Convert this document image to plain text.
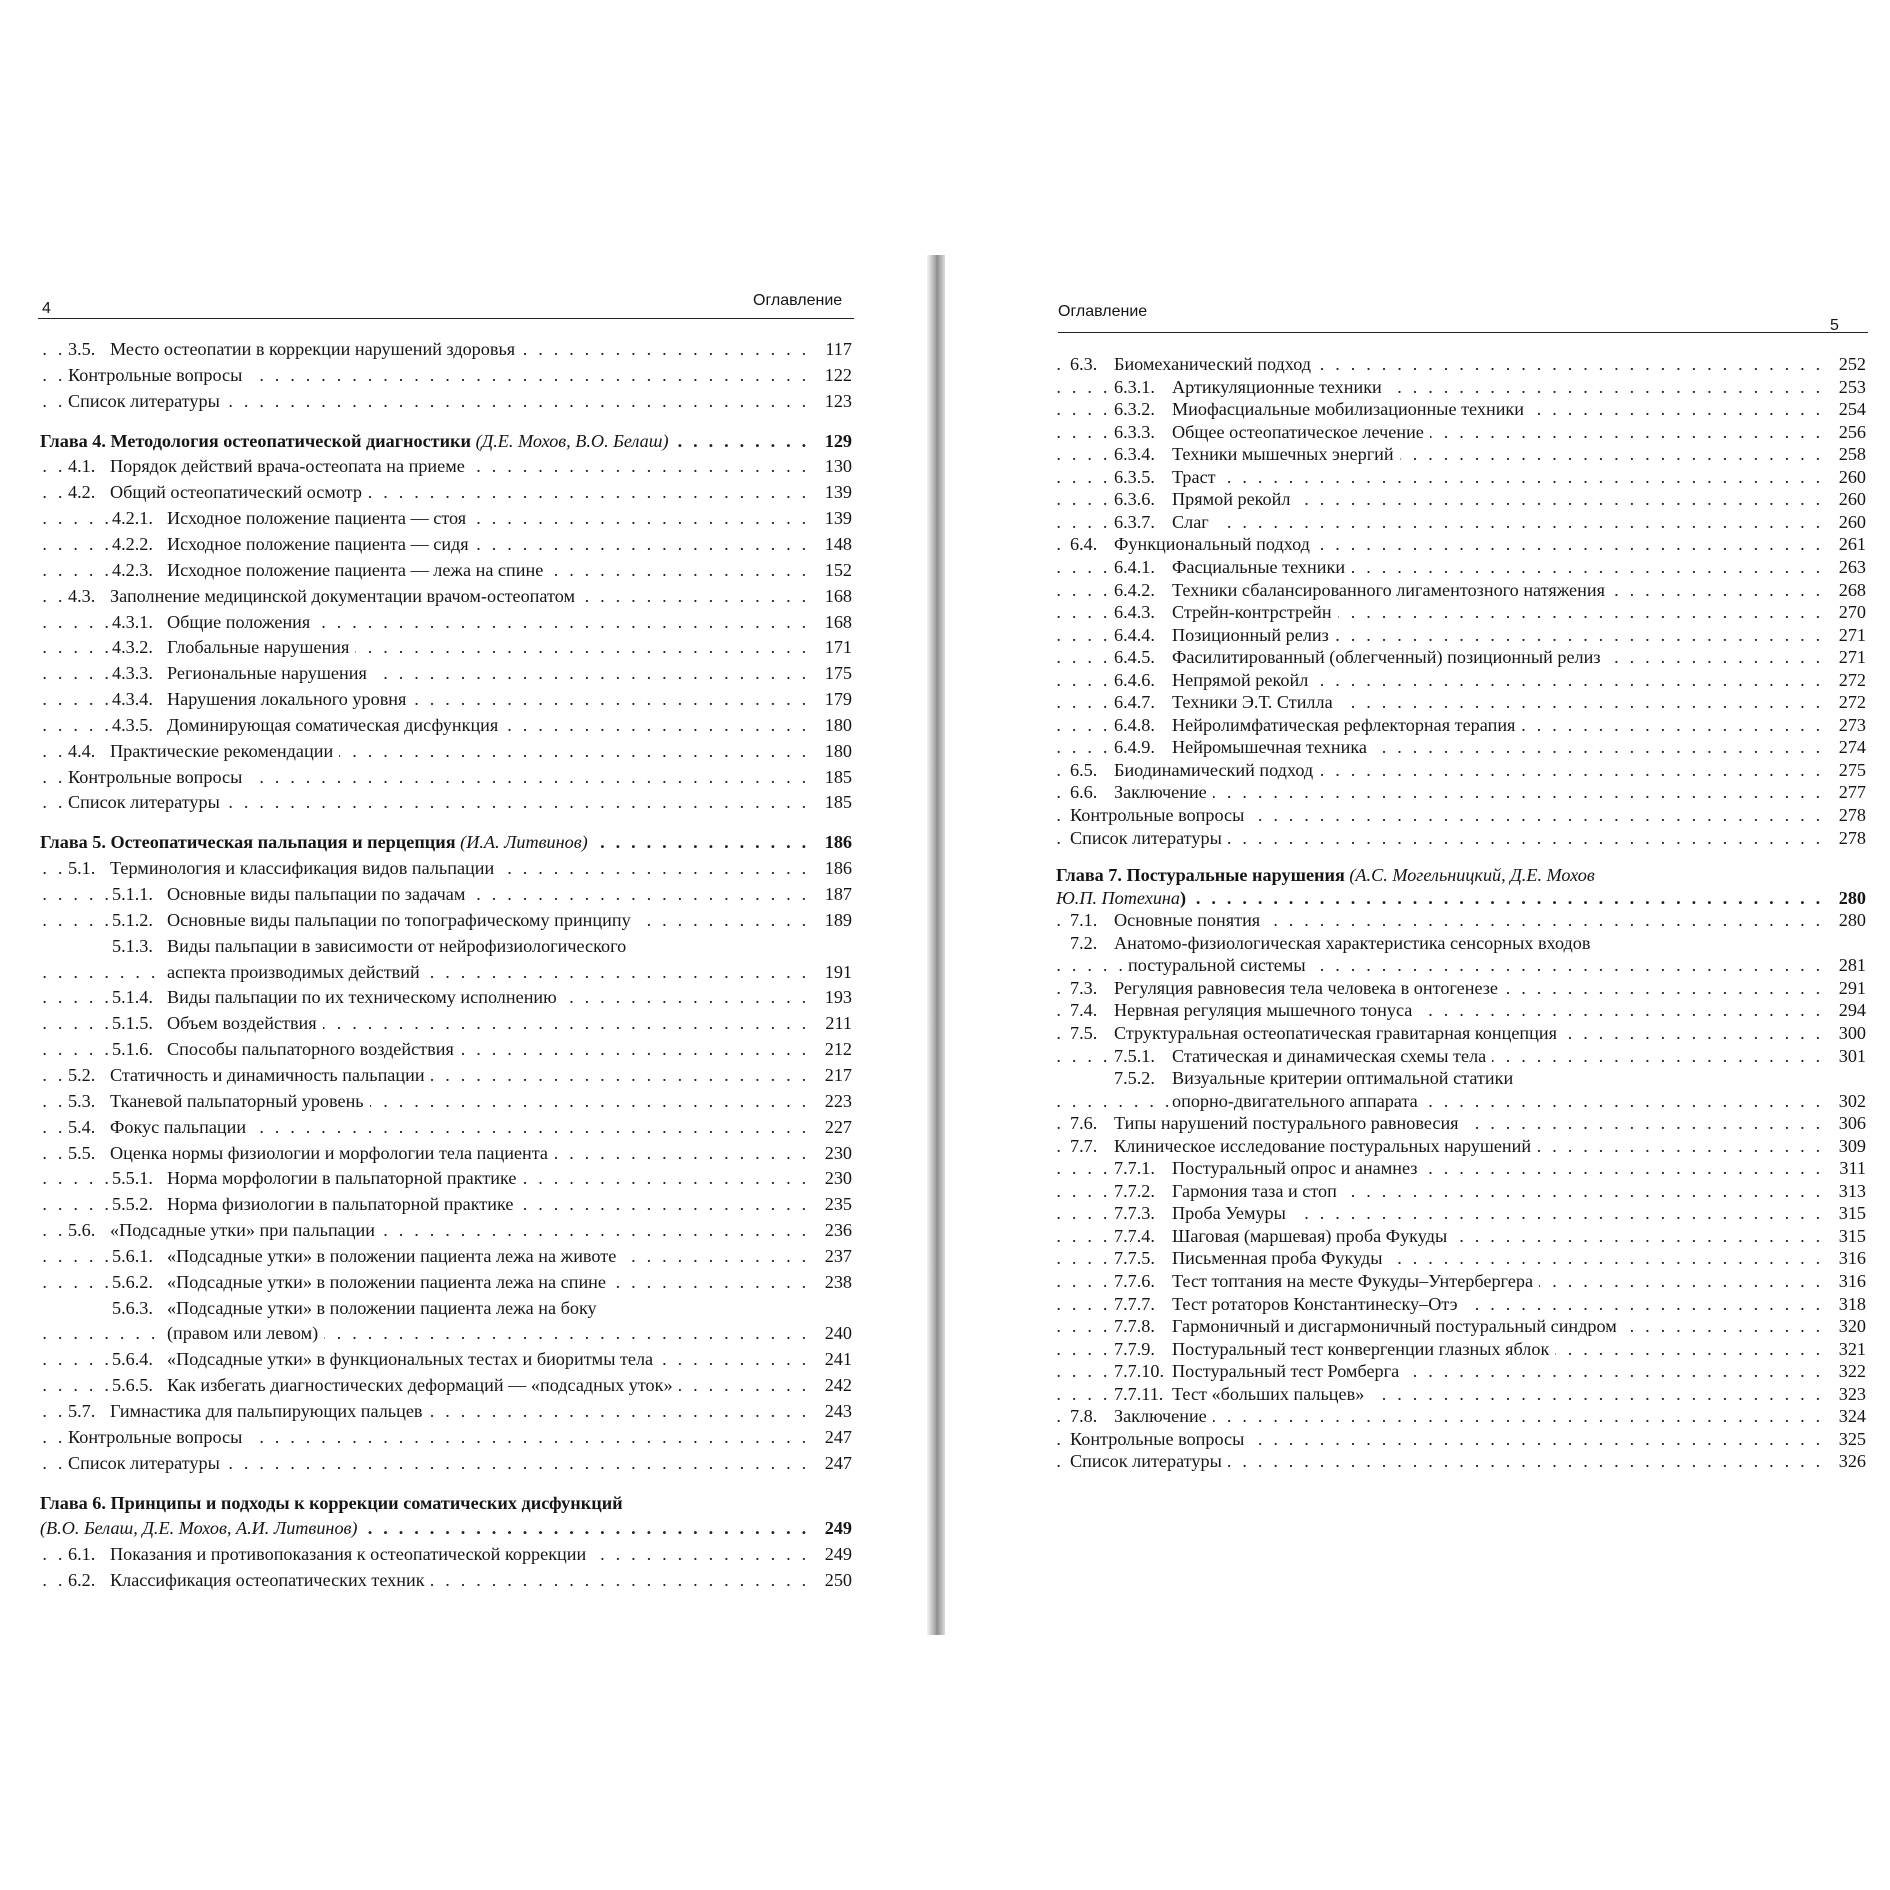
4	Оглавление
3.5. Место остеопатии в коррекции нарушений здоровья . . .	117
Контрольные вопросы . . .	122
Список литературы . . .	123
Глава 4. Методология остеопатической диагностики (Д.Е. Мохов, В.О. Белаш) . . .	129
4.1. Порядок действий врача-остеопата на приеме . . .	130
4.2. Общий остеопатический осмотр . . .	139
4.2.1. Исходное положение пациента — стоя . . .	139
4.2.2. Исходное положение пациента — сидя . . .	148
4.2.3. Исходное положение пациента — лежа на спине . . .	152
4.3. Заполнение медицинской документации врачом-остеопатом . . .	168
4.3.1. Общие положения . . .	168
4.3.2. Глобальные нарушения . . .	171
4.3.3. Региональные нарушения . . .	175
4.3.4. Нарушения локального уровня . . .	179
4.3.5. Доминирующая соматическая дисфункция . . .	180
4.4. Практические рекомендации . . .	180
Контрольные вопросы . . .	185
Список литературы . . .	185
Глава 5. Остеопатическая пальпация и перцепция (И.А. Литвинов) . . .	186
5.1. Терминология и классификация видов пальпации . . .	186
5.1.1. Основные виды пальпации по задачам . . .	187
5.1.2. Основные виды пальпации по топографическому принципу . . .	189
5.1.3. Виды пальпации в зависимости от нейрофизиологического
аспекта производимых действий . . .	191
5.1.4. Виды пальпации по их техническому исполнению . . .	193
5.1.5. Объем воздействия . . .	211
5.1.6. Способы пальпаторного воздействия . . .	212
5.2. Статичность и динамичность пальпации . . .	217
5.3. Тканевой пальпаторный уровень . . .	223
5.4. Фокус пальпации . . .	227
5.5. Оценка нормы физиологии и морфологии тела пациента . . .	230
5.5.1. Норма морфологии в пальпаторной практике . . .	230
5.5.2. Норма физиологии в пальпаторной практике . . .	235
5.6. «Подсадные утки» при пальпации . . .	236
5.6.1. «Подсадные утки» в положении пациента лежа на животе . . .	237
5.6.2. «Подсадные утки» в положении пациента лежа на спине . . .	238
5.6.3. «Подсадные утки» в положении пациента лежа на боку
(правом или левом) . . .	240
5.6.4. «Подсадные утки» в функциональных тестах и биоритмы тела . . .	241
5.6.5. Как избегать диагностических деформаций — «подсадных уток» . . .	242
5.7. Гимнастика для пальпирующих пальцев . . .	243
Контрольные вопросы . . .	247
Список литературы . . .	247
Глава 6. Принципы и подходы к коррекции соматических дисфункций
(В.О. Белаш, Д.Е. Мохов, А.И. Литвинов) . . .	249
6.1. Показания и противопоказания к остеопатической коррекции . . .	249
6.2. Классификация остеопатических техник . . .	250
Оглавление
5
6.3. Биомеханический подход . . .	252
6.3.1. Артикуляционные техники . . .	253
6.3.2. Миофасциальные мобилизационные техники . . .	254
6.3.3. Общее остеопатическое лечение . . .	256
6.3.4. Техники мышечных энергий . . .	258
6.3.5. Траст . . .	260
6.3.6. Прямой рекойл . . .	260
6.3.7. Слаг . . .	260
6.4. Функциональный подход . . .	261
6.4.1. Фасциальные техники . . .	263
6.4.2. Техники сбалансированного лигаментозного натяжения . . .	268
6.4.3. Стрейн-контрстрейн . . .	270
6.4.4. Позиционный релиз . . .	271
6.4.5. Фасилитированный (облегченный) позиционный релиз . . .	271
6.4.6. Непрямой рекойл . . .	272
6.4.7. Техники Э.Т. Стилла . . .	272
6.4.8. Нейролимфатическая рефлекторная терапия . . .	273
6.4.9. Нейромышечная техника . . .	274
6.5. Биодинамический подход . . .	275
6.6. Заключение . . .	277
Контрольные вопросы . . .	278
Список литературы . . .	278
Глава 7. Постуральные нарушения (А.С. Могельницкий, Д.Е. Мохов
Ю.П. Потехина) . . .	280
7.1. Основные понятия . . .	280
7.2. Анатомо-физиологическая характеристика сенсорных входов
постуральной системы . . .	281
7.3. Регуляция равновесия тела человека в онтогенезе . . .	291
7.4. Нервная регуляция мышечного тонуса . . .	294
7.5. Структуральная остеопатическая гравитарная концепция . . .	300
7.5.1. Статическая и динамическая схемы тела . . .	301
7.5.2. Визуальные критерии оптимальной статики
опорно-двигательного аппарата . . .	302
7.6. Типы нарушений постурального равновесия . . .	306
7.7. Клиническое исследование постуральных нарушений . . .	309
7.7.1. Постуральный опрос и анамнез . . .	311
7.7.2. Гармония таза и стоп . . .	313
7.7.3. Проба Уемуры . . .	315
7.7.4. Шаговая (маршевая) проба Фукуды . . .	315
7.7.5. Письменная проба Фукуды . . .	316
7.7.6. Тест топтания на месте Фукуды–Унтербергера . . .	316
7.7.7. Тест ротаторов Константинеску–Отэ . . .	318
7.7.8. Гармоничный и дисгармоничный постуральный синдром . . .	320
7.7.9. Постуральный тест конвергенции глазных яблок . . .	321
7.7.10. Постуральный тест Ромберга . . .	322
7.7.11. Тест «больших пальцев» . . .	323
7.8. Заключение . . .	324
Контрольные вопросы . . .	325
Список литературы . . .	326
